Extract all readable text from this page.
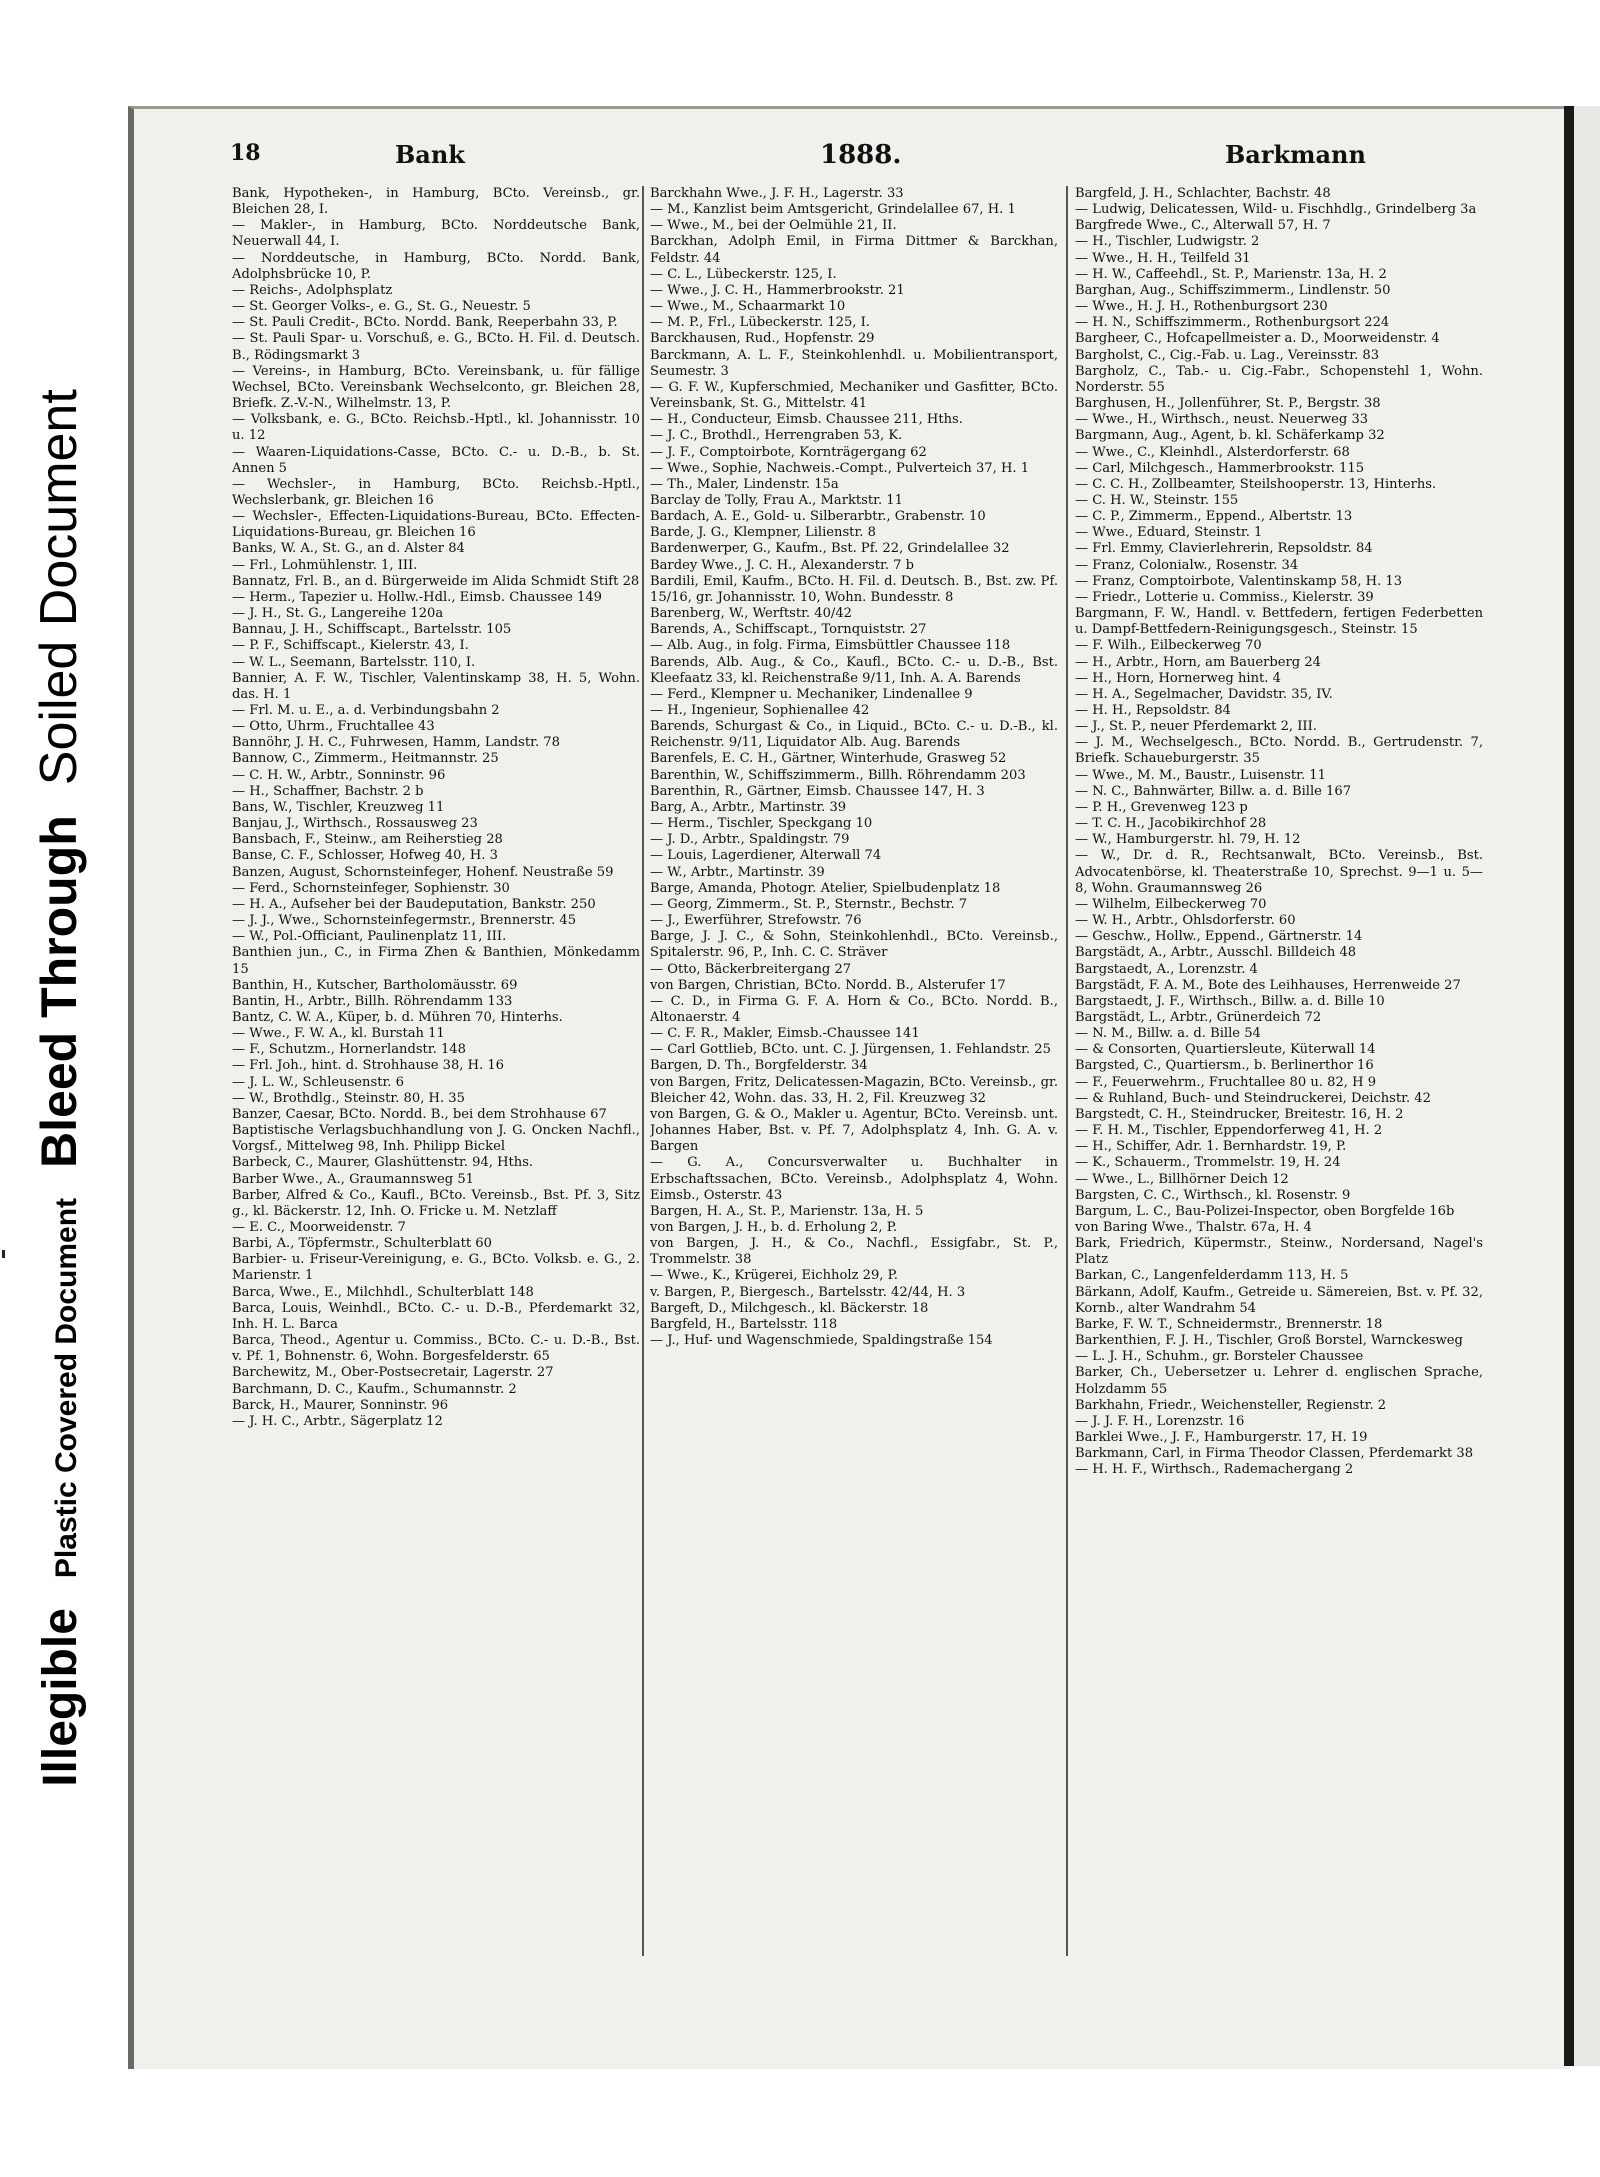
Illegible
Plastic Covered Document
Bleed Through
Soiled Document
18	Bank	1888.	Barkmann
Bank, Hypotheken-, in Hamburg, BCto. Vereinsb., gr. Bleichen 28, I.
— Makler-, in Hamburg, BCto. Norddeutsche Bank, Neuerwall 44, I.
— Norddeutsche, in Hamburg, BCto. Nordd. Bank, Adolphsbrücke 10, P.
— Reichs-, Adolphsplatz
— St. Georger Volks-, e. G., St. G., Neuestr. 5
— St. Pauli Credit-, BCto. Nordd. Bank, Reeperbahn 33, P.
— St. Pauli Spar- u. Vorschuß, e. G., BCto. H. Fil. d. Deutsch. B., Rödingsmarkt 3
— Vereins-, in Hamburg, BCto. Vereinsbank, u. für fällige Wechsel, BCto. Vereinsbank Wechselconto, gr. Bleichen 28, Briefk. Z.-V.-N., Wilhelmstr. 13, P.
— Volksbank, e. G., BCto. Reichsb.-Hptl., kl. Johannisstr. 10 u. 12
— Waaren-Liquidations-Casse, BCto. C.- u. D.-B., b. St. Annen 5
— Wechsler-, in Hamburg, BCto. Reichsb.-Hptl., Wechslerbank, gr. Bleichen 16
— Wechsler-, Effecten-Liquidations-Bureau, BCto. Effecten-Liquidations-Bureau, gr. Bleichen 16
Banks, W. A., St. G., an d. Alster 84
— Frl., Lohmühlenstr. 1, III.
Bannatz, Frl. B., an d. Bürgerweide im Alida Schmidt Stift 28
— Herm., Tapezier u. Hollw.-Hdl., Eimsb. Chaussee 149
— J. H., St. G., Langereihe 120a
Bannau, J. H., Schiffscapt., Bartelsstr. 105
— P. F., Schiffscapt., Kielerstr. 43, I.
— W. L., Seemann, Bartelsstr. 110, I.
Bannier, A. F. W., Tischler, Valentinskamp 38, H. 5, Wohn. das. H. 1
— Frl. M. u. E., a. d. Verbindungsbahn 2
— Otto, Uhrm., Fruchtallee 43
Bannöhr, J. H. C., Fuhrwesen, Hamm, Landstr. 78
Bannow, C., Zimmerm., Heitmannstr. 25
— C. H. W., Arbtr., Sonninstr. 96
— H., Schaffner, Bachstr. 2 b
Bans, W., Tischler, Kreuzweg 11
Banjau, J., Wirthsch., Rossausweg 23
Bansbach, F., Steinw., am Reiherstieg 28
Banse, C. F., Schlosser, Hofweg 40, H. 3
Banzen, August, Schornsteinfeger, Hohenf. Neustraße 59
— Ferd., Schornsteinfeger, Sophienstr. 30
— H. A., Aufseher bei der Baudeputation, Bankstr. 250
— J. J., Wwe., Schornsteinfegermstr., Brennerstr. 45
— W., Pol.-Officiant, Paulinenplatz 11, III.
Banthien jun., C., in Firma Zhen & Banthien, Mönkedamm 15
Banthin, H., Kutscher, Bartholomäusstr. 69
Bantin, H., Arbtr., Billh. Röhrendamm 133
Bantz, C. W. A., Küper, b. d. Mühren 70, Hinterhs.
— Wwe., F. W. A., kl. Burstah 11
— F., Schutzm., Hornerlandstr. 148
— Frl. Joh., hint. d. Strohhause 38, H. 16
— J. L. W., Schleusenstr. 6
— W., Brothdlg., Steinstr. 80, H. 35
Banzer, Caesar, BCto. Nordd. B., bei dem Strohhause 67
Baptistische Verlagsbuchhandlung von J. G. Oncken Nachfl., Vorgsf., Mittelweg 98, Inh. Philipp Bickel
Barbeck, C., Maurer, Glashüttenstr. 94, Hths.
Barber Wwe., A., Graumannsweg 51
Barber, Alfred & Co., Kaufl., BCto. Vereinsb., Bst. Pf. 3, Sitz g., kl. Bäckerstr. 12, Inh. O. Fricke u. M. Netzlaff
— E. C., Moorweidenstr. 7
Barbi, A., Töpfermstr., Schulterblatt 60
Barbier- u. Friseur-Vereinigung, e. G., BCto. Volksb. e. G., 2. Marienstr. 1
Barca, Wwe., E., Milchhdl., Schulterblatt 148
Barca, Louis, Weinhdl., BCto. C.- u. D.-B., Pferdemarkt 32, Inh. H. L. Barca
Barca, Theod., Agentur u. Commiss., BCto. C.- u. D.-B., Bst. v. Pf. 1, Bohnenstr. 6, Wohn. Borgesfelderstr. 65
Barchewitz, M., Ober-Postsecretair, Lagerstr. 27
Barchmann, D. C., Kaufm., Schumannstr. 2
Barck, H., Maurer, Sonninstr. 96
— J. H. C., Arbtr., Sägerplatz 12
Barckhahn Wwe., J. F. H., Lagerstr. 33
— M., Kanzlist beim Amtsgericht, Grindelallee 67, H. 1
— Wwe., M., bei der Oelmühle 21, II.
Barckhan, Adolph Emil, in Firma Dittmer & Barckhan, Feldstr. 44
— C. L., Lübeckerstr. 125, I.
— Wwe., J. C. H., Hammerbrookstr. 21
— Wwe., M., Schaarmarkt 10
— M. P., Frl., Lübeckerstr. 125, I.
Barckhausen, Rud., Hopfenstr. 29
Barckmann, A. L. F., Steinkohlenhdl. u. Mobilientransport, Seumestr. 3
— G. F. W., Kupferschmied, Mechaniker und Gasfitter, BCto. Vereinsbank, St. G., Mittelstr. 41
— H., Conducteur, Eimsb. Chaussee 211, Hths.
— J. C., Brothdl., Herrengraben 53, K.
— J. F., Comptoirbote, Kornträgergang 62
— Wwe., Sophie, Nachweis.-Compt., Pulverteich 37, H. 1
— Th., Maler, Lindenstr. 15a
Barclay de Tolly, Frau A., Marktstr. 11
Bardach, A. E., Gold- u. Silberarbtr., Grabenstr. 10
Barde, J. G., Klempner, Lilienstr. 8
Bardenwerper, G., Kaufm., Bst. Pf. 22, Grindelallee 32
Bardey Wwe., J. C. H., Alexanderstr. 7 b
Bardili, Emil, Kaufm., BCto. H. Fil. d. Deutsch. B., Bst. zw. Pf. 15/16, gr. Johannisstr. 10, Wohn. Bundesstr. 8
Barenberg, W., Werftstr. 40/42
Barends, A., Schiffscapt., Tornquiststr. 27
— Alb. Aug., in folg. Firma, Eimsbüttler Chaussee 118
Barends, Alb. Aug., & Co., Kaufl., BCto. C.- u. D.-B., Bst. Kleefaatz 33, kl. Reichenstraße 9/11, Inh. A. A. Barends
— Ferd., Klempner u. Mechaniker, Lindenallee 9
— H., Ingenieur, Sophienallee 42
Barends, Schurgast & Co., in Liquid., BCto. C.- u. D.-B., kl. Reichenstr. 9/11, Liquidator Alb. Aug. Barends
Barenfels, E. C. H., Gärtner, Winterhude, Grasweg 52
Barenthin, W., Schiffszimmerm., Billh. Röhrendamm 203
Barenthin, R., Gärtner, Eimsb. Chaussee 147, H. 3
Barg, A., Arbtr., Martinstr. 39
— Herm., Tischler, Speckgang 10
— J. D., Arbtr., Spaldingstr. 79
— Louis, Lagerdiener, Alterwall 74
— W., Arbtr., Martinstr. 39
Barge, Amanda, Photogr. Atelier, Spielbudenplatz 18
— Georg, Zimmerm., St. P., Sternstr., Bechstr. 7
— J., Ewerführer, Strefowstr. 76
Barge, J. J. C., & Sohn, Steinkohlenhdl., BCto. Vereinsb., Spitalerstr. 96, P., Inh. C. C. Sträver
— Otto, Bäckerbreitergang 27
von Bargen, Christian, BCto. Nordd. B., Alsterufer 17
— C. D., in Firma G. F. A. Horn & Co., BCto. Nordd. B., Altonaerstr. 4
— C. F. R., Makler, Eimsb.-Chaussee 141
— Carl Gottlieb, BCto. unt. C. J. Jürgensen, 1. Fehlandstr. 25
Bargen, D. Th., Borgfelderstr. 34
von Bargen, Fritz, Delicatessen-Magazin, BCto. Vereinsb., gr. Bleicher 42, Wohn. das. 33, H. 2, Fil. Kreuzweg 32
von Bargen, G. & O., Makler u. Agentur, BCto. Vereinsb. unt. Johannes Haber, Bst. v. Pf. 7, Adolphsplatz 4, Inh. G. A. v. Bargen
— G. A., Concursverwalter u. Buchhalter in Erbschaftssachen, BCto. Vereinsb., Adolphsplatz 4, Wohn. Eimsb., Osterstr. 43
Bargen, H. A., St. P., Marienstr. 13a, H. 5
von Bargen, J. H., b. d. Erholung 2, P.
von Bargen, J. H., & Co., Nachfl., Essigfabr., St. P., Trommelstr. 38
— Wwe., K., Krügerei, Eichholz 29, P.
v. Bargen, P., Biergesch., Bartelsstr. 42/44, H. 3
Bargeft, D., Milchgesch., kl. Bäckerstr. 18
Bargfeld, H., Bartelsstr. 118
— J., Huf- und Wagenschmiede, Spaldingstraße 154
Bargfeld, J. H., Schlachter, Bachstr. 48
— Ludwig, Delicatessen, Wild- u. Fischhdlg., Grindelberg 3a
Bargfrede Wwe., C., Alterwall 57, H. 7
— H., Tischler, Ludwigstr. 2
— Wwe., H. H., Teilfeld 31
— H. W., Caffeehdl., St. P., Marienstr. 13a, H. 2
Barghan, Aug., Schiffszimmerm., Lindlenstr. 50
— Wwe., H. J. H., Rothenburgsort 230
— H. N., Schiffszimmerm., Rothenburgsort 224
Bargheer, C., Hofcapellmeister a. D., Moorweidenstr. 4
Bargholst, C., Cig.-Fab. u. Lag., Vereinsstr. 83
Bargholz, C., Tab.- u. Cig.-Fabr., Schopenstehl 1, Wohn. Norderstr. 55
Barghusen, H., Jollenführer, St. P., Bergstr. 38
— Wwe., H., Wirthsch., neust. Neuerweg 33
Bargmann, Aug., Agent, b. kl. Schäferkamp 32
— Wwe., C., Kleinhdl., Alsterdorferstr. 68
— Carl, Milchgesch., Hammerbrookstr. 115
— C. C. H., Zollbeamter, Steilshooperstr. 13, Hinterhs.
— C. H. W., Steinstr. 155
— C. P., Zimmerm., Eppend., Albertstr. 13
— Wwe., Eduard, Steinstr. 1
— Frl. Emmy, Clavierlehrerin, Repsoldstr. 84
— Franz, Colonialw., Rosenstr. 34
— Franz, Comptoirbote, Valentinskamp 58, H. 13
— Friedr., Lotterie u. Commiss., Kielerstr. 39
Bargmann, F. W., Handl. v. Bettfedern, fertigen Federbetten u. Dampf-Bettfedern-Reinigungsgesch., Steinstr. 15
— F. Wilh., Eilbeckerweg 70
— H., Arbtr., Horn, am Bauerberg 24
— H., Horn, Hornerweg hint. 4
— H. A., Segelmacher, Davidstr. 35, IV.
— H. H., Repsoldstr. 84
— J., St. P., neuer Pferdemarkt 2, III.
— J. M., Wechselgesch., BCto. Nordd. B., Gertrudenstr. 7, Briefk. Schaueburgerstr. 35
— Wwe., M. M., Baustr., Luisenstr. 11
— N. C., Bahnwärter, Billw. a. d. Bille 167
— P. H., Grevenweg 123 p
— T. C. H., Jacobikirchhof 28
— W., Hamburgerstr. hl. 79, H. 12
— W., Dr. d. R., Rechtsanwalt, BCto. Vereinsb., Bst. Advocatenbörse, kl. Theaterstraße 10, Sprechst. 9—1 u. 5—8, Wohn. Graumannsweg 26
— Wilhelm, Eilbeckerweg 70
— W. H., Arbtr., Ohlsdorferstr. 60
— Geschw., Hollw., Eppend., Gärtnerstr. 14
Bargstädt, A., Arbtr., Ausschl. Billdeich 48
Bargstaedt, A., Lorenzstr. 4
Bargstädt, F. A. M., Bote des Leihhauses, Herrenweide 27
Bargstaedt, J. F., Wirthsch., Billw. a. d. Bille 10
Bargstädt, L., Arbtr., Grünerdeich 72
— N. M., Billw. a. d. Bille 54
— & Consorten, Quartiersleute, Küterwall 14
Bargsted, C., Quartiersm., b. Berlinerthor 16
— F., Feuerwehrm., Fruchtallee 80 u. 82, H 9
— & Ruhland, Buch- und Steindruckerei, Deichstr. 42
Bargstedt, C. H., Steindrucker, Breitestr. 16, H. 2
— F. H. M., Tischler, Eppendorferweg 41, H. 2
— H., Schiffer, Adr. 1. Bernhardstr. 19, P.
— K., Schauerm., Trommelstr. 19, H. 24
— Wwe., L., Billhörner Deich 12
Bargsten, C. C., Wirthsch., kl. Rosenstr. 9
Bargum, L. C., Bau-Polizei-Inspector, oben Borgfelde 16b
von Baring Wwe., Thalstr. 67a, H. 4
Bark, Friedrich, Küpermstr., Steinw., Nordersand, Nagel's Platz
Barkan, C., Langenfelderdamm 113, H. 5
Bärkann, Adolf, Kaufm., Getreide u. Sämereien, Bst. v. Pf. 32, Kornb., alter Wandrahm 54
Barke, F. W. T., Schneidermstr., Brennerstr. 18
Barkenthien, F. J. H., Tischler, Groß Borstel, Warnckesweg
— L. J. H., Schuhm., gr. Borsteler Chaussee
Barker, Ch., Uebersetzer u. Lehrer d. englischen Sprache, Holzdamm 55
Barkhahn, Friedr., Weichensteller, Regienstr. 2
— J. J. F. H., Lorenzstr. 16
Barklei Wwe., J. F., Hamburgerstr. 17, H. 19
Barkmann, Carl, in Firma Theodor Classen, Pferdemarkt 38
— H. H. F., Wirthsch., Rademachergang 2
